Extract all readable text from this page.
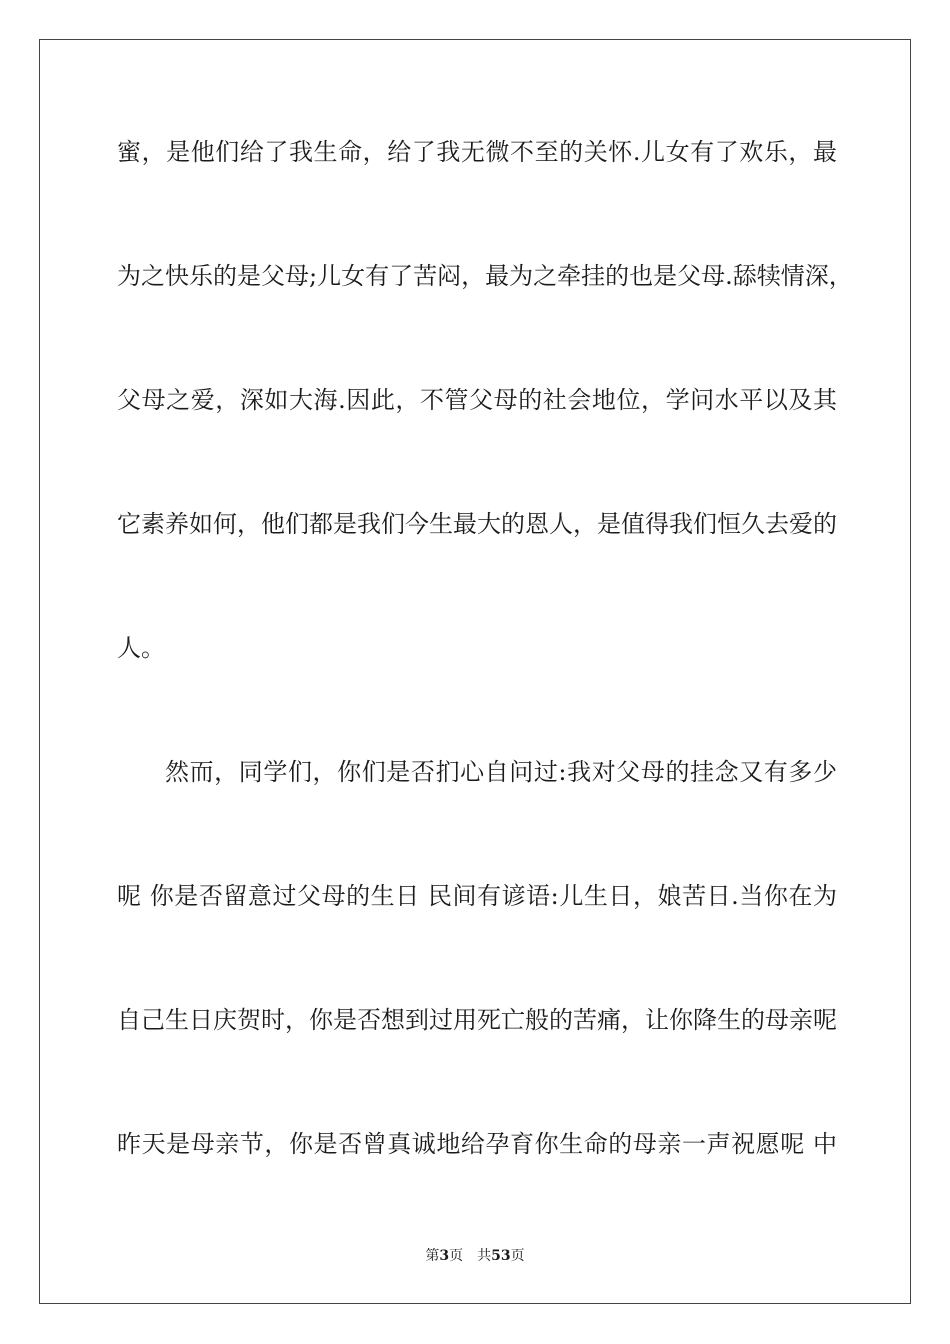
蜜，是他们给了我生命，给了我无微不至的关怀.儿女有了欢乐，最
为之快乐的是父母;儿女有了苦闷，最为之牵挂的也是父母.舔犊情深，
父母之爱，深如大海.因此，不管父母的社会地位，学问水平以及其
它素养如何，他们都是我们今生最大的恩人，是值得我们恒久去爱的
人。
然而，同学们，你们是否扪心自问过:我对父母的挂念又有多少
呢 你是否留意过父母的生日 民间有谚语:儿生日，娘苦日.当你在为
自己生日庆贺时，你是否想到过用死亡般的苦痛，让你降生的母亲呢
昨天是母亲节，你是否曾真诚地给孕育你生命的母亲一声祝愿呢 中
第3页 共53页
